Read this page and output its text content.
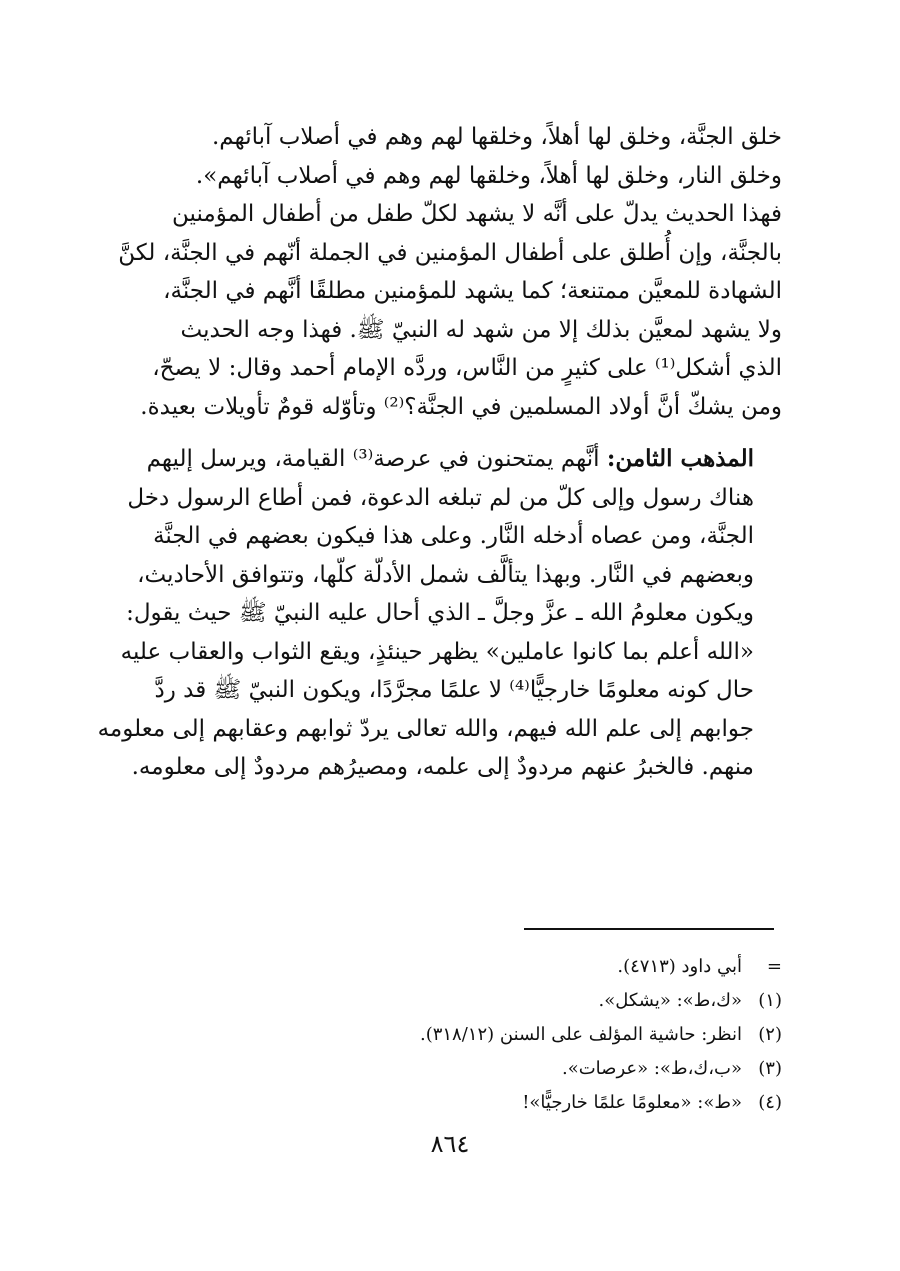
خلق الجنَّة، وخلق لها أهلاً، وخلقها لهم وهم في أصلاب آبائهم.
وخلق النار، وخلق لها أهلاً، وخلقها لهم وهم في أصلاب آبائهم».
فهذا الحديث يدلّ على أنَّه لا يشهد لكلّ طفل من أطفال المؤمنين
بالجنَّة، وإن أُطلق على أطفال المؤمنين في الجملة أنّهم في الجنَّة، لكنَّ
الشهادة للمعيَّن ممتنعة؛ كما يشهد للمؤمنين مطلقًا أنَّهم في الجنَّة،
ولا يشهد لمعيَّن بذلك إلا من شهد له النبيّ ﷺ. فهذا وجه الحديث
الذي أشكل⁽¹⁾ على كثيرٍ من النَّاس، وردَّه الإمام أحمد وقال: لا يصحّ،
ومن يشكّ أنَّ أولاد المسلمين في الجنَّة؟⁽²⁾ وتأوّله قومٌ تأويلات بعيدة.

المذهب الثامن: أنَّهم يمتحنون في عرصة⁽³⁾ القيامة، ويرسل إليهم
هناك رسول وإلى كلّ من لم تبلغه الدعوة، فمن أطاع الرسول دخل
الجنَّة، ومن عصاه أدخله النَّار. وعلى هذا فيكون بعضهم في الجنَّة
وبعضهم في النَّار. وبهذا يتألَّف شمل الأدلّة كلّها، وتتوافق الأحاديث،
ويكون معلومُ الله ـ عزَّ وجلَّ ـ الذي أحال عليه النبيّ ﷺ حيث يقول:
«الله أعلم بما كانوا عاملين» يظهر حينئذٍ، ويقع الثواب والعقاب عليه
حال كونه معلومًا خارجيًّا⁽⁴⁾ لا علمًا مجرَّدًا، ويكون النبيّ ﷺ قد ردَّ
جوابهم إلى علم الله فيهم، والله تعالى يردّ ثوابهم وعقابهم إلى معلومه
منهم. فالخبرُ عنهم مردودٌ إلى علمه، ومصيرُهم مردودٌ إلى معلومه.

=
أبي داود (٤٧١٣).
(١)
«ك،ط»: «يشكل».
(٢)
انظر: حاشية المؤلف على السنن (٣١٨/١٢).
(٣)
«ب،ك،ط»: «عرصات».
(٤)
«ط»: «معلومًا علمًا خارجيًّا»!
٨٦٤
